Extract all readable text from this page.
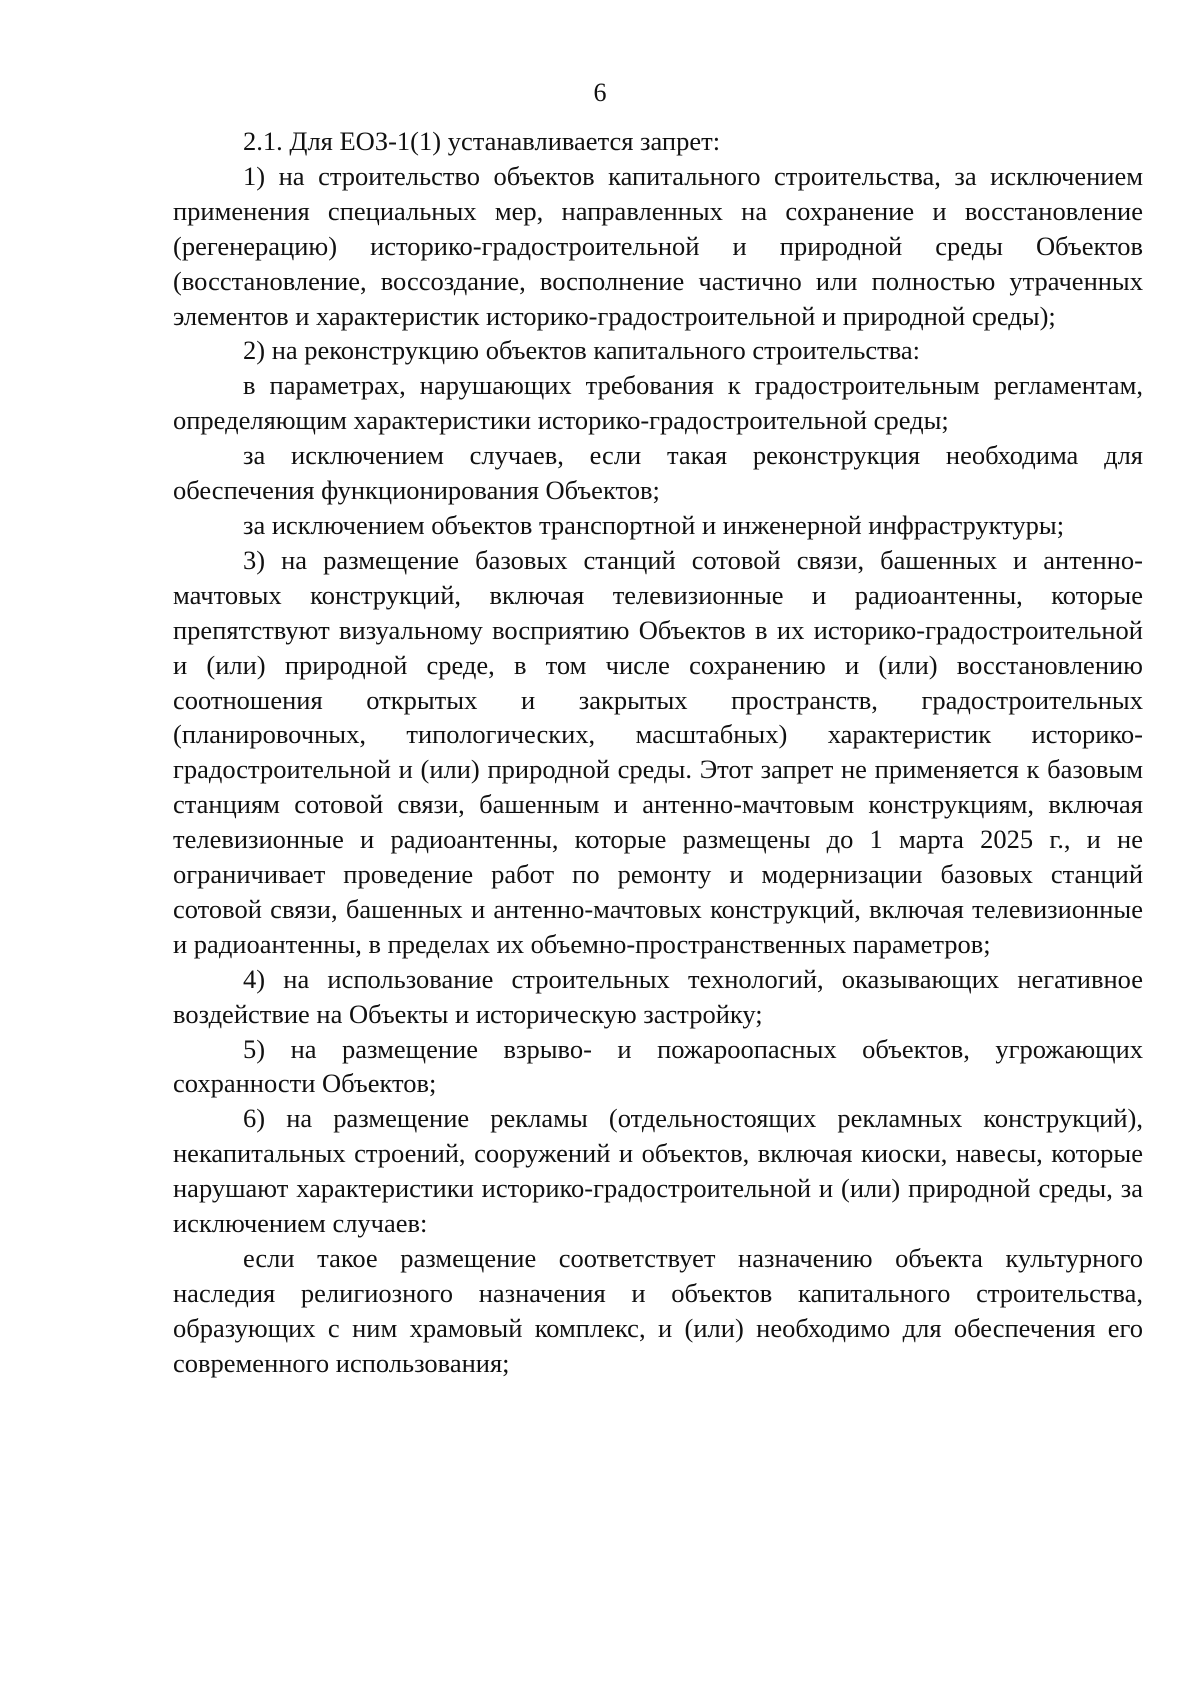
6

2.1. Для ЕОЗ-1(1) устанавливается запрет:

1) на строительство объектов капитального строительства, за исключением применения специальных мер, направленных на сохранение и восстановление (регенерацию) историко-градостроительной и природной среды Объектов (восстановление, воссоздание, восполнение частично или полностью утраченных элементов и характеристик историко-градостроительной и природной среды);

2) на реконструкцию объектов капитального строительства:

в параметрах, нарушающих требования к градостроительным регламентам, определяющим характеристики историко-градостроительной среды;

за исключением случаев, если такая реконструкция необходима для обеспечения функционирования Объектов;

за исключением объектов транспортной и инженерной инфраструктуры;

3) на размещение базовых станций сотовой связи, башенных и антенно-мачтовых конструкций, включая телевизионные и радиоантенны, которые препятствуют визуальному восприятию Объектов в их историко-градостроительной и (или) природной среде, в том числе сохранению и (или) восстановлению соотношения открытых и закрытых пространств, градостроительных (планировочных, типологических, масштабных) характеристик историко-градостроительной и (или) природной среды. Этот запрет не применяется к базовым станциям сотовой связи, башенным и антенно-мачтовым конструкциям, включая телевизионные и радиоантенны, которые размещены до 1 марта 2025 г., и не ограничивает проведение работ по ремонту и модернизации базовых станций сотовой связи, башенных и антенно-мачтовых конструкций, включая телевизионные и радиоантенны, в пределах их объемно-пространственных параметров;

4) на использование строительных технологий, оказывающих негативное воздействие на Объекты и историческую застройку;

5) на размещение взрыво- и пожароопасных объектов, угрожающих сохранности Объектов;

6) на размещение рекламы (отдельностоящих рекламных конструкций), некапитальных строений, сооружений и объектов, включая киоски, навесы, которые нарушают характеристики историко-градостроительной и (или) природной среды, за исключением случаев:

если такое размещение соответствует назначению объекта культурного наследия религиозного назначения и объектов капитального строительства, образующих с ним храмовый комплекс, и (или) необходимо для обеспечения его современного использования;
